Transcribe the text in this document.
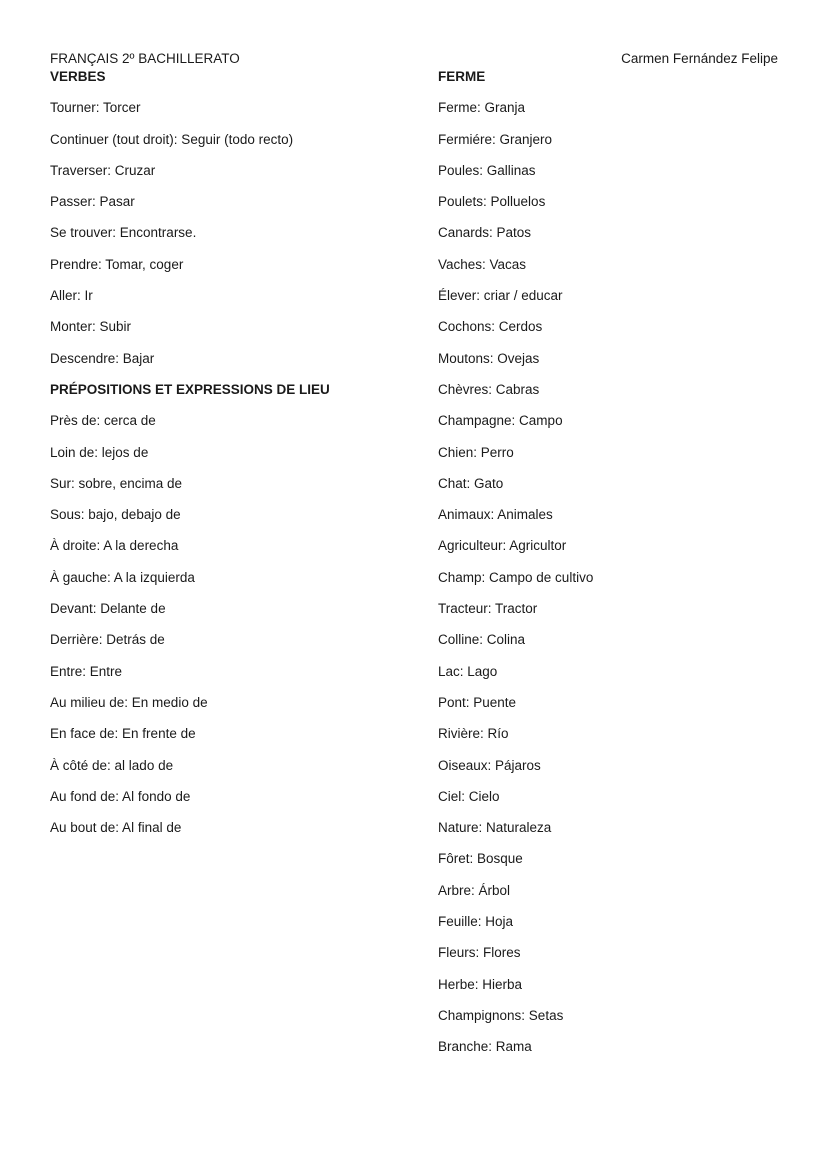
FRANÇAIS 2º BACHILLERATO	Carmen Fernández Felipe
VERBES
Tourner: Torcer
Continuer (tout droit): Seguir (todo recto)
Traverser: Cruzar
Passer: Pasar
Se trouver: Encontrarse.
Prendre: Tomar, coger
Aller: Ir
Monter: Subir
Descendre: Bajar
PRÉPOSITIONS ET EXPRESSIONS DE LIEU
Près de: cerca de
Loin de: lejos de
Sur: sobre, encima de
Sous: bajo, debajo de
À droite: A la derecha
À gauche: A la izquierda
Devant: Delante de
Derrière: Detrás de
Entre: Entre
Au milieu de: En medio de
En face de: En frente de
À côté de: al lado de
Au fond de: Al fondo de
Au bout de: Al final de
FERME
Ferme: Granja
Fermiére: Granjero
Poules: Gallinas
Poulets: Polluelos
Canards: Patos
Vaches: Vacas
Élever: criar / educar
Cochons: Cerdos
Moutons: Ovejas
Chèvres: Cabras
Champagne: Campo
Chien: Perro
Chat: Gato
Animaux: Animales
Agriculteur: Agricultor
Champ: Campo de cultivo
Tracteur: Tractor
Colline: Colina
Lac: Lago
Pont: Puente
Rivière: Río
Oiseaux: Pájaros
Ciel: Cielo
Nature: Naturaleza
Fôret: Bosque
Arbre: Árbol
Feuille: Hoja
Fleurs: Flores
Herbe: Hierba
Champignons: Setas
Branche: Rama
